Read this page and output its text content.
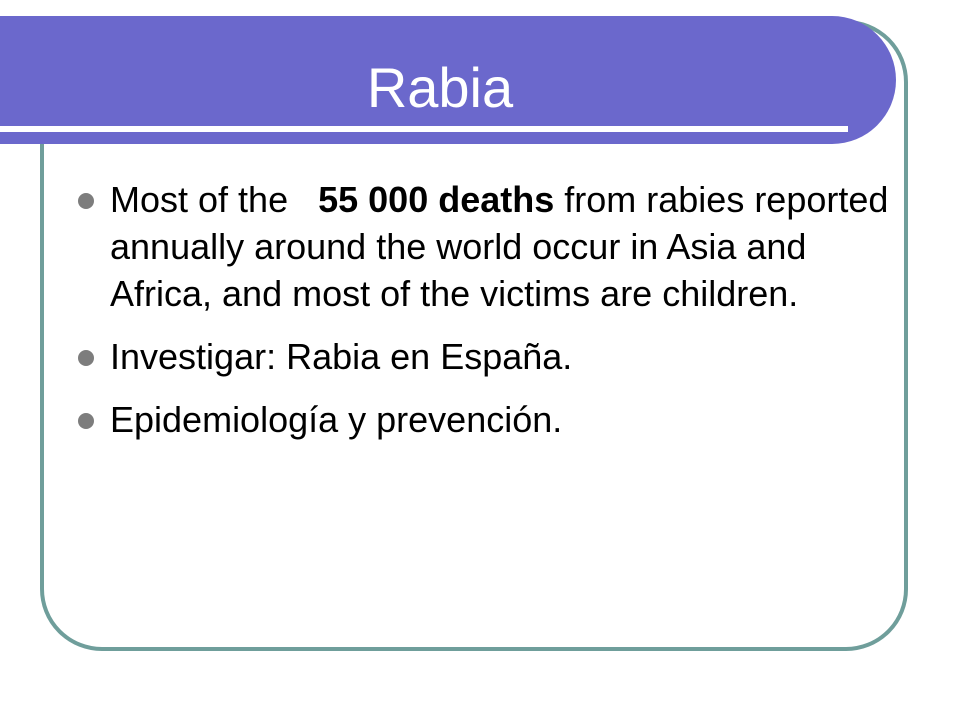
Rabia
Most of the 55 000 deaths from rabies reported annually around the world occur in Asia and Africa, and most of the victims are children.
Investigar: Rabia en España.
Epidemiología y prevención.
